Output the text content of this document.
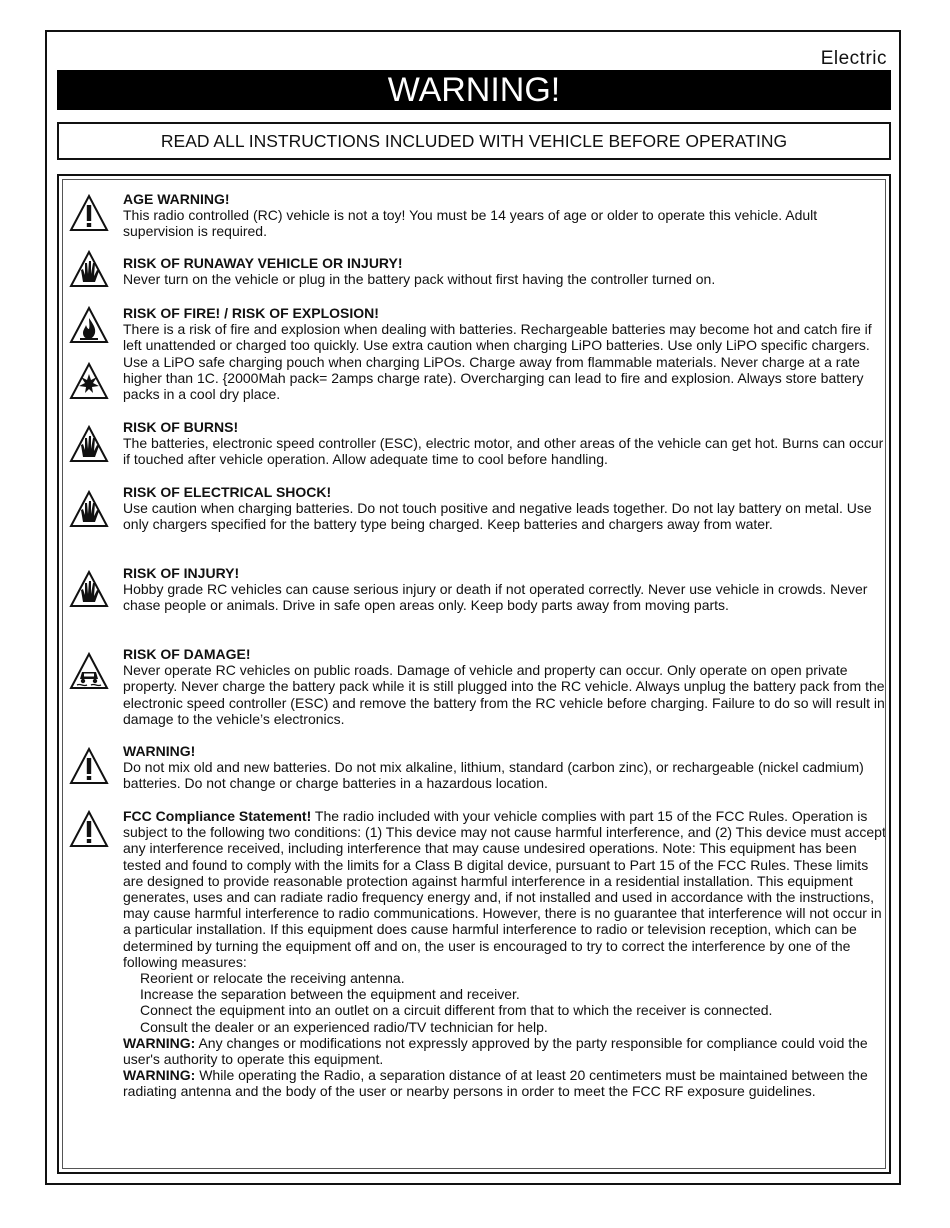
Electric
WARNING!
READ ALL INSTRUCTIONS INCLUDED WITH VEHICLE BEFORE OPERATING
AGE WARNING!
This radio controlled (RC) vehicle is not a toy! You must be 14 years of age or older to operate this vehicle. Adult supervision is required.
RISK OF RUNAWAY VEHICLE OR INJURY!
Never turn on the vehicle or plug in the battery pack without first having the controller turned on.
RISK OF FIRE! / RISK OF EXPLOSION!
There is a risk of fire and explosion when dealing with batteries. Rechargeable batteries may become hot and catch fire if left unattended or charged too quickly. Use extra caution when charging LiPO batteries. Use only LiPO specific chargers. Use a LiPO safe charging pouch when charging LiPOs. Charge away from flammable materials. Never charge at a rate higher than 1C. {2000Mah pack= 2amps charge rate). Overcharging can lead to fire and explosion. Always store battery packs in a cool dry place.
RISK OF BURNS!
The batteries, electronic speed controller (ESC), electric motor, and other areas of the vehicle can get hot. Burns can occur if touched after vehicle operation. Allow adequate time to cool before handling.
RISK OF ELECTRICAL SHOCK!
Use caution when charging batteries. Do not touch positive and negative leads together. Do not lay battery on metal. Use only chargers specified for the battery type being charged. Keep batteries and chargers away from water.
RISK OF INJURY!
Hobby grade RC vehicles can cause serious injury or death if not operated correctly. Never use vehicle in crowds. Never chase people or animals. Drive in safe open areas only. Keep body parts away from moving parts.
RISK OF DAMAGE!
Never operate RC vehicles on public roads. Damage of vehicle and property can occur. Only operate on open private property. Never charge the battery pack while it is still plugged into the RC vehicle. Always unplug the battery pack from the electronic speed controller (ESC) and remove the battery from the RC vehicle before charging. Failure to do so will result in damage to the vehicle’s electronics.
WARNING!
Do not mix old and new batteries. Do not mix alkaline, lithium, standard (carbon zinc), or rechargeable (nickel cadmium) batteries. Do not change or charge batteries in a hazardous location.
FCC Compliance Statement! The radio included with your vehicle complies with part 15 of the FCC Rules. Operation is subject to the following two conditions: (1) This device may not cause harmful interference, and (2) This device must accept any interference received, including interference that may cause undesired operations. Note: This equipment has been tested and found to comply with the limits for a Class B digital device, pursuant to Part 15 of the FCC Rules. These limits are designed to provide reasonable protection against harmful interference in a residential installation. This equipment generates, uses and can radiate radio frequency energy and, if not installed and used in accordance with the instructions, may cause harmful interference to radio communications. However, there is no guarantee that interference will not occur in a particular installation. If this equipment does cause harmful interference to radio or television reception, which can be determined by turning the equipment off and on, the user is encouraged to try to correct the interference by one of the following measures:
Reorient or relocate the receiving antenna.
Increase the separation between the equipment and receiver.
Connect the equipment into an outlet on a circuit different from that to which the receiver is connected.
Consult the dealer or an experienced radio/TV technician for help.
WARNING: Any changes or modifications not expressly approved by the party responsible for compliance could void the user's authority to operate this equipment.
WARNING: While operating the Radio, a separation distance of at least 20 centimeters must be maintained between the radiating antenna and the body of the user or nearby persons in order to meet the FCC RF exposure guidelines.
